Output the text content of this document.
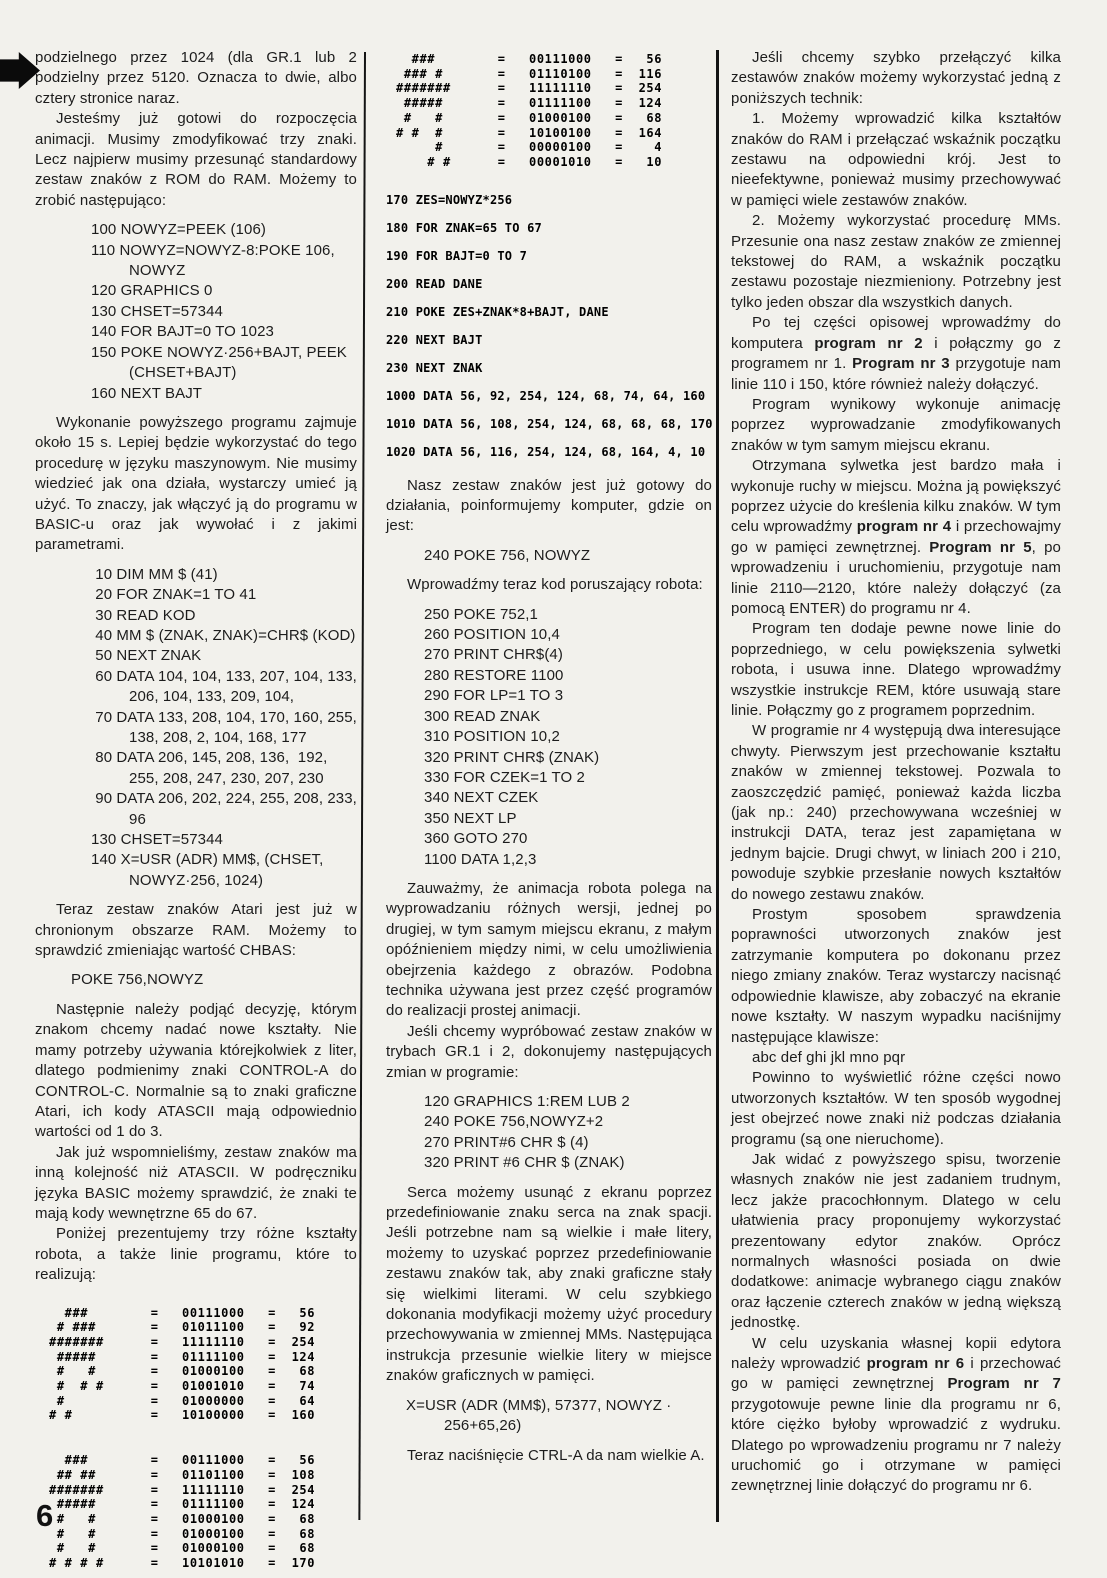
podzielnego przez 1024 (dla GR.1 lub 2 podzielny przez 5120. Oznacza to dwie, albo cztery stronice naraz.

Jesteśmy już gotowi do rozpoczęcia animacji. Musimy zmodyfikować trzy znaki. Lecz najpierw musimy przesunąć standardowy zestaw znaków z ROM do RAM. Możemy to zrobić następująco:

100 NOWYZ=PEEK (106)
110 NOWYZ=NOWYZ-8:POKE 106,
NOWYZ
120 GRAPHICS 0
130 CHSET=57344
140 FOR BAJT=0 TO 1023
150 POKE NOWYZ·256+BAJT, PEEK
(CHSET+BAJT)
160 NEXT BAJT

Wykonanie powyższego programu zajmuje około 15 s. Lepiej będzie wykorzystać do tego procedurę w języku maszynowym. Nie musimy wiedzieć jak ona działa, wystarczy umieć ją użyć. To znaczy, jak włączyć ją do programu w BASIC-u oraz jak wywołać i z jakimi parametrami.

10 DIM MM $ (41)
20 FOR ZNAK=1 TO 41
30 READ KOD
40 MM $ (ZNAK, ZNAK)=CHR$ (KOD)
50 NEXT ZNAK
60 DATA 104, 104, 133, 207, 104, 133,
206, 104, 133, 209, 104,
70 DATA 133, 208, 104, 170, 160, 255,
138, 208, 2, 104, 168, 177
80 DATA 206, 145, 208, 136,  192,
255, 208, 247, 230, 207, 230
90 DATA 206, 202, 224, 255, 208, 233,
96
130 CHSET=57344
140 X=USR (ADR) MM$, (CHSET,
NOWYZ·256, 1024)

Teraz zestaw znaków Atari jest już w chronionym obszarze RAM. Możemy to sprawdzić zmieniając wartość CHBAS:

POKE 756,NOWYZ

Następnie należy podjąć decyzję, którym znakom chcemy nadać nowe kształty. Nie mamy potrzeby używania którejkolwiek z liter, dlatego podmienimy znaki CONTROL-A do CONTROL-C. Normalnie są to znaki graficzne Atari, ich kody ATASCII mają odpowiednio wartości od 1 do 3.

Jak już wspomnieliśmy, zestaw znaków ma inną kolejność niż ATASCII. W podręczniku języka BASIC możemy sprawdzić, że znaki te mają kody wewnętrzne 65 do 67.

Poniżej prezentujemy trzy różne kształty robota, a także linie programu, które to realizują:

###        =   00111000   =   56
# ###       =   01011100   =   92
#######      =   11111110   =  254
#####       =   01111100   =  124
#   #       =   01000100   =   68
#  # #      =   01001010   =   74
#           =   01000000   =   64
# #          =   10100000   =  160
###        =   00111000   =   56
## ##       =   01101100   =  108
#######      =   11111110   =  254
#####       =   01111100   =  124
#   #       =   01000100   =   68
#   #       =   01000100   =   68
#   #       =   01000100   =   68
# # # #      =   10101010   =  170
###        =   00111000   =   56
### #       =   01110100   =  116
#######      =   11111110   =  254
#####       =   01111100   =  124
#   #       =   01000100   =   68
# #  #       =   10100100   =  164
#       =   00000100   =    4
# #      =   00001010   =   10
170 ZES=NOWYZ*256
180 FOR ZNAK=65 TO 67
190 FOR BAJT=0 TO 7
200 READ DANE
210 POKE ZES+ZNAK*8+BAJT, DANE
220 NEXT BAJT
230 NEXT ZNAK
1000 DATA 56, 92, 254, 124, 68, 74, 64, 160
1010 DATA 56, 108, 254, 124, 68, 68, 68, 170
1020 DATA 56, 116, 254, 124, 68, 164, 4, 10

Nasz zestaw znaków jest już gotowy do działania, poinformujemy komputer, gdzie on jest:

240 POKE 756, NOWYZ

Wprowadźmy teraz kod poruszający robota:

250 POKE 752,1
260 POSITION 10,4
270 PRINT CHR$(4)
280 RESTORE 1100
290 FOR LP=1 TO 3
300 READ ZNAK
310 POSITION 10,2
320 PRINT CHR$ (ZNAK)
330 FOR CZEK=1 TO 2
340 NEXT CZEK
350 NEXT LP
360 GOTO 270
1100 DATA 1,2,3

Zauważmy, że animacja robota polega na wyprowadzaniu różnych wersji, jednej po drugiej, w tym samym miejscu ekranu, z małym opóźnieniem między nimi, w celu umożliwienia obejrzenia każdego z obrazów. Podobna technika używana jest przez część programów do realizacji prostej animacji.

Jeśli chcemy wypróbować zestaw znaków w trybach GR.1 i 2, dokonujemy następujących zmian w programie:

120 GRAPHICS 1:REM LUB 2
240 POKE 756,NOWYZ+2
270 PRINT#6 CHR $ (4)
320 PRINT #6 CHR $ (ZNAK)

Serca możemy usunąć z ekranu poprzez przedefiniowanie znaku serca na znak spacji. Jeśli potrzebne nam są wielkie i małe litery, możemy to uzyskać poprzez przedefiniowanie zestawu znaków tak, aby znaki graficzne stały się wielkimi literami. W celu szybkiego dokonania modyfikacji możemy użyć procedury przechowywania w zmiennej MMs. Następująca instrukcja przesunie wielkie litery w miejsce znaków graficznych w pamięci.

X=USR (ADR (MM$), 57377, NOWYZ ·
256+65,26)

Teraz naciśnięcie CTRL-A da nam wielkie A.

Jeśli chcemy szybko przełączyć kilka zestawów znaków możemy wykorzystać jedną z poniższych technik:

1. Możemy wprowadzić kilka kształtów znaków do RAM i przełączać wskaźnik początku zestawu na odpowiedni krój. Jest to nieefektywne, ponieważ musimy przechowywać w pamięci wiele zestawów znaków.

2. Możemy wykorzystać procedurę MMs. Przesunie ona nasz zestaw znaków ze zmiennej tekstowej do RAM, a wskaźnik początku zestawu pozostaje niezmieniony. Potrzebny jest tylko jeden obszar dla wszystkich danych.

Po tej części opisowej wprowadźmy do komputera program nr 2 i połączmy go z programem nr 1. Program nr 3 przygotuje nam linie 110 i 150, które również należy dołączyć.

Program wynikowy wykonuje animację poprzez wyprowadzanie zmodyfikowanych znaków w tym samym miejscu ekranu.

Otrzymana sylwetka jest bardzo mała i wykonuje ruchy w miejscu. Można ją powiększyć poprzez użycie do kreślenia kilku znaków. W tym celu wprowadźmy program nr 4 i przechowajmy go w pamięci zewnętrznej. Program nr 5, po wprowadzeniu i uruchomieniu, przygotuje nam linie 2110—2120, które należy dołączyć (za pomocą ENTER) do programu nr 4.

Program ten dodaje pewne nowe linie do poprzedniego, w celu powiększenia sylwetki robota, i usuwa inne. Dlatego wprowadźmy wszystkie instrukcje REM, które usuwają stare linie. Połączmy go z programem poprzednim.

W programie nr 4 występują dwa interesujące chwyty. Pierwszym jest przechowanie kształtu znaków w zmiennej tekstowej. Pozwala to zaoszczędzić pamięć, ponieważ każda liczba (jak np.: 240) przechowywana wcześniej w instrukcji DATA, teraz jest zapamiętana w jednym bajcie. Drugi chwyt, w liniach 200 i 210, powoduje szybkie przesłanie nowych kształtów do nowego zestawu znaków.

Prostym sposobem sprawdzenia poprawności utworzonych znaków jest zatrzymanie komputera po dokonanu przez niego zmiany znaków. Teraz wystarczy nacisnąć odpowiednie klawisze, aby zobaczyć na ekranie nowe kształty. W naszym wypadku naciśnijmy następujące klawisze:

abc def ghi jkl mno pqr

Powinno to wyświetlić różne części nowo utworzonych kształtów. W ten sposób wygodnej jest obejrzeć nowe znaki niż podczas działania programu (są one nieruchome).

Jak widać z powyższego spisu, tworzenie własnych znaków nie jest zadaniem trudnym, lecz jakże pracochłonnym. Dlatego w celu ułatwienia pracy proponujemy wykorzystać prezentowany edytor znaków. Oprócz normalnych własności posiada on dwie dodatkowe: animacje wybranego ciągu znaków oraz łączenie czterech znaków w jedną większą jednostkę.

W celu uzyskania własnej kopii edytora należy wprowadzić program nr 6 i przechować go w pamięci zewnętrznej Program nr 7 przygotowuje pewne linie dla programu nr 6, które ciężko byłoby wprowadzić z wydruku. Dlatego po wprowadzeniu programu nr 7 należy uruchomić go i otrzymane w pamięci zewnętrznej linie dołączyć do programu nr 6.

6
